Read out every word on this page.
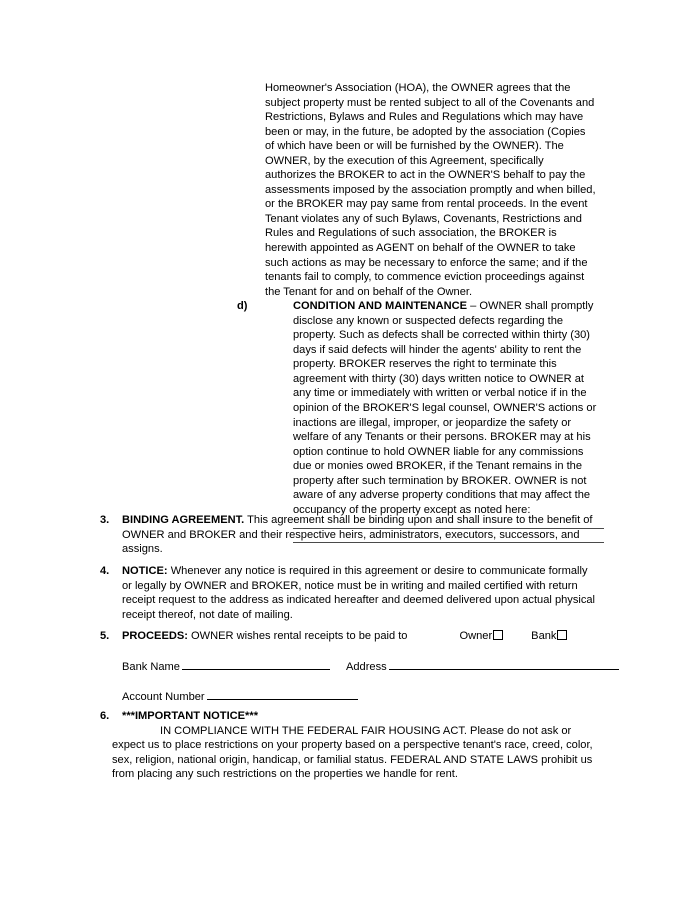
Homeowner's Association (HOA), the OWNER agrees that the subject property must be rented subject to all of the Covenants and Restrictions, Bylaws and Rules and Regulations which may have been or may, in the future, be adopted by the association (Copies of which have been or will be furnished by the OWNER). The OWNER, by the execution of this Agreement, specifically authorizes the BROKER to act in the OWNER'S behalf to pay the assessments imposed by the association promptly and when billed, or the BROKER may pay same from rental proceeds. In the event Tenant violates any of such Bylaws, Covenants, Restrictions and Rules and Regulations of such association, the BROKER is herewith appointed as AGENT on behalf of the OWNER to take such actions as may be necessary to enforce the same; and if the tenants fail to comply, to commence eviction proceedings against the Tenant for and on behalf of the Owner.
d)	CONDITION AND MAINTENANCE – OWNER shall promptly disclose any known or suspected defects regarding the property. Such as defects shall be corrected within thirty (30) days if said defects will hinder the agents' ability to rent the property. BROKER reserves the right to terminate this agreement with thirty (30) days written notice to OWNER at any time or immediately with written or verbal notice if in the opinion of the BROKER'S legal counsel, OWNER'S actions or inactions are illegal, improper, or jeopardize the safety or welfare of any Tenants or their persons. BROKER may at his option continue to hold OWNER liable for any commissions due or monies owed BROKER, if the Tenant remains in the property after such termination by BROKER. OWNER is not aware of any adverse property conditions that may affect the occupancy of the property except as noted here:
3.	BINDING AGREEMENT. This agreement shall be binding upon and shall insure to the benefit of OWNER and BROKER and their respective heirs, administrators, executors, successors, and assigns.
4.	NOTICE: Whenever any notice is required in this agreement or desire to communicate formally or legally by OWNER and BROKER, notice must be in writing and mailed certified with return receipt request to the address as indicated hereafter and deemed delivered upon actual physical receipt thereof, not date of mailing.
5.	PROCEEDS: OWNER wishes rental receipts to be paid to	Owner	Bank
Bank Name	Address
Account Number
6.	***IMPORTANT NOTICE***
IN COMPLIANCE WITH THE FEDERAL FAIR HOUSING ACT. Please do not ask or expect us to place restrictions on your property based on a perspective tenant's race, creed, color, sex, religion, national origin, handicap, or familial status. FEDERAL AND STATE LAWS prohibit us from placing any such restrictions on the properties we handle for rent.
